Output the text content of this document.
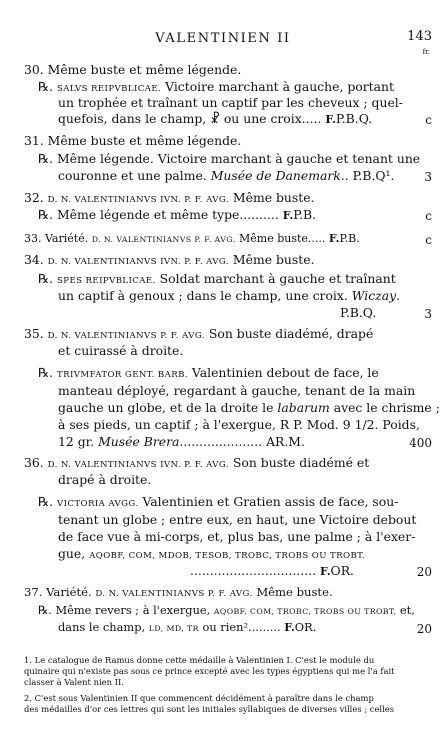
VALENTINIEN II	143
fr.
30. Même buste et même légende.
℞. SALVS REIPVBLICAE. Victoire marchant à gauche, portant
un trophée et traînant un captif par les cheveux ; quel-
quefois, dans le champ, ☧ ou une croix..... F.P.B.Q.	c
31. Même buste et même légende.
℞. Même légende. Victoire marchant à gauche et tenant une
couronne et une palme. Musée de Danemark.. P.B.Q¹. 3
32. D. N. VALENTINIANVS IVN. P. F. AVG. Même buste.
℞. Même légende et même type.......... F.P.B.	c
33. Variété. D. N. VALENTINIANVS P. F. AVG. Même buste..... F.P.B.	c
34. D. N. VALENTINIANVS IVN. P. F. AVG. Même buste.
℞. SPES REIPVBLICAE. Soldat marchant à gauche et traînant
un captif à genoux ; dans le champ, une croix. Wiczay.
P.B.Q.	3
35. D. N. VALENTINIANVS P. F. AVG. Son buste diadémé, drapé
et cuirassé à droite.
℞. TRIVMFATOR GENT. BARB. Valentinien debout de face, le
manteau déployé, regardant à gauche, tenant de la main
gauche un globe, et de la droite le labarum avec le chrisme ;
à ses pieds, un captif ; à l'exergue, R P. Mod. 9 1/2. Poids,
12 gr. Musée Brera..................... AR.M.	400
36. D. N. VALENTINIANVS IVN. P. F. AVG. Son buste diadémé et
drapé à droite.
℞. VICTORIA AVGG. Valentinien et Gratien assis de face, sou-
tenant un globe ; entre eux, en haut, une Victoire debout
de face vue à mi-corps, et, plus bas, une palme ; à l'exer-
gue, AQOBF, COM, MDOB, TESOB, TROBC, TROBS OU TROBT.
................................ F.OR.	20
37. Variété. D. N. VALENTINIANVS P. F. AVG. Même buste.
℞. Même revers ; à l'exergue, AQOBF, COM, TROBC, TROBS OU TROBT, et,
dans le champ, LD, MD, TR ou rien²......... F.OR.	20
1. Le catalogue de Ramus donne cette médaille à Valentinien I. C'est le module du
quinaire qui n'existe pas sous ce prince excepté avec les types égyptiens qui me l'a fait
classer à Valent nien II.
2. C'est sous Valentinien II que commencent décidément à paraître dans le champ
des médailles d'or ces lettres qui sont les initiales syllabiques de diverses villes ; celles
